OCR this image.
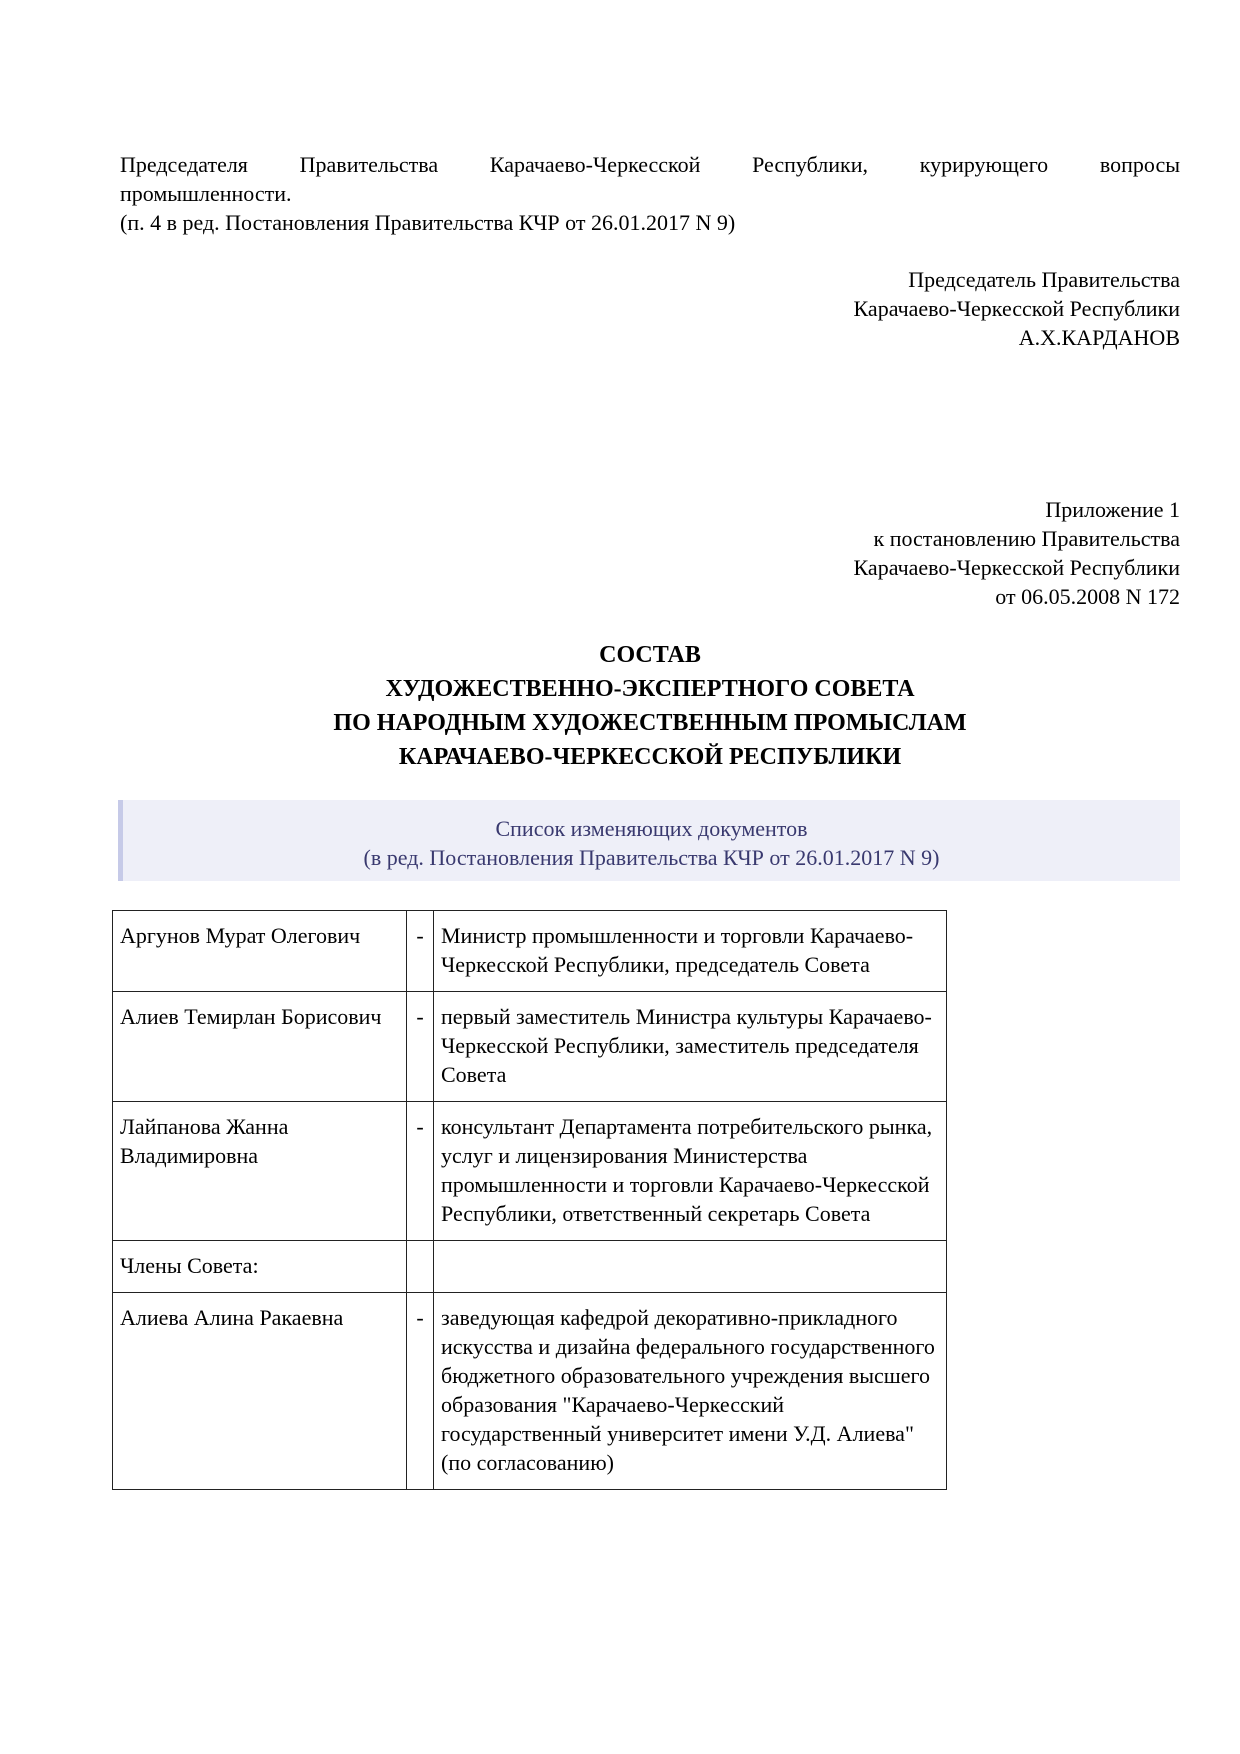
Председателя Правительства Карачаево-Черкесской Республики, курирующего вопросы
промышленности.
(п. 4 в ред. Постановления Правительства КЧР от 26.01.2017 N 9)
Председатель Правительства
Карачаево-Черкесской Республики
А.Х.КАРДАНОВ
Приложение 1
к постановлению Правительства
Карачаево-Черкесской Республики
от 06.05.2008 N 172
СОСТАВ
ХУДОЖЕСТВЕННО-ЭКСПЕРТНОГО СОВЕТА
ПО НАРОДНЫМ ХУДОЖЕСТВЕННЫМ ПРОМЫСЛАМ
КАРАЧАЕВО-ЧЕРКЕССКОЙ РЕСПУБЛИКИ
Список изменяющих документов
(в ред. Постановления Правительства КЧР от 26.01.2017 N 9)
Аргунов Мурат Олегович	-	Министр промышленности и торговли Карачаево-Черкесской Республики, председатель Совета
Алиев Темирлан Борисович	-	первый заместитель Министра культуры Карачаево-Черкесской Республики, заместитель председателя Совета
Лайпанова Жанна Владимировна	-	консультант Департамента потребительского рынка, услуг и лицензирования Министерства промышленности и торговли Карачаево-Черкесской Республики, ответственный секретарь Совета
Члены Совета:		
Алиева Алина Ракаевна	-	заведующая кафедрой декоративно-прикладного искусства и дизайна федерального государственного бюджетного образовательного учреждения высшего образования "Карачаево-Черкесский государственный университет имени У.Д. Алиева" (по согласованию)
